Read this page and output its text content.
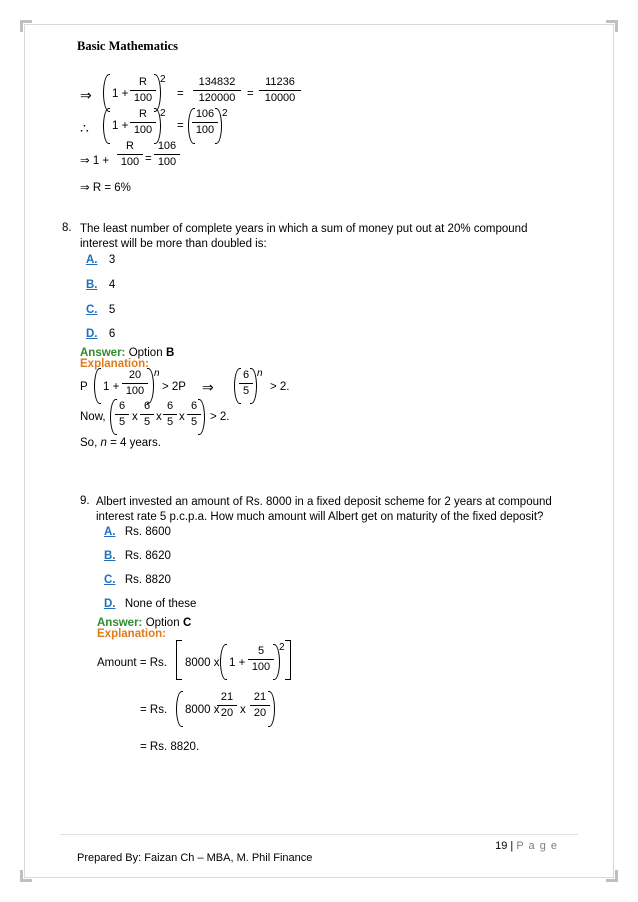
Basic Mathematics
⇒ $1 + \frac{R}{100} 2$
= $\frac{134832}{120000} = \frac{11236}{10000}$
∴ $1 + \frac{R}{100} 2$
= $\frac{106}{100} 2$
⇒ $1 + \frac{R}{100} = \frac{106}{100}$
⇒ R = 6%
8. The least number of complete years in which a sum of money put out at 20% compound interest will be more than doubled is:
A. 3
B. 4
C. 5
D. 6
Answer: Option B
Explanation:
P $1 + \frac{20}{100}$ n
> 2P ⇒ $\frac{6}{5}$ n
> 2.
Now, $\frac{6}{5}$ x $\frac{6}{5}$ x $\frac{6}{5}$ x $\frac{6}{5} > 2$.
So, n = 4 years.
9. Albert invested an amount of Rs. 8000 in a fixed deposit scheme for 2 years at compound interest rate 5 p.c.p.a. How much amount will Albert get on maturity of the fixed deposit?
A. Rs. 8600
B. Rs. 8620
C. Rs. 8820
D. None of these
Answer: Option C
Explanation:
Amount = Rs. 8000 x $1 + \frac{5}{100} 2$
= Rs. 8000 x
$\frac{21}{20}$ x $\frac{21}{20}$
= Rs. 8820.
19 | P a g e
Prepared By: Faizan Ch – MBA, M. Phil Finance
